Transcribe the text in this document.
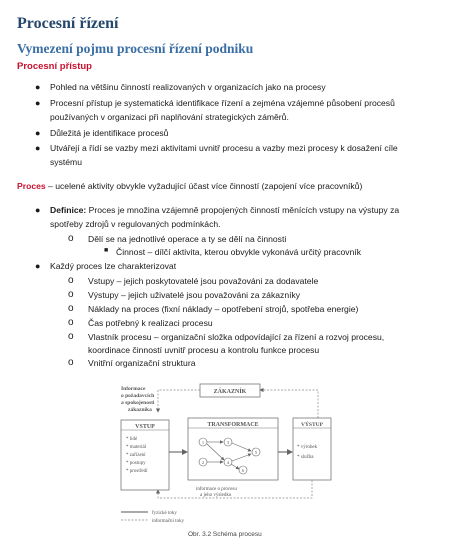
Procesní řízení
Vymezení pojmu procesní řízení podniku
Procesní přístup
● Pohled na většinu činností realizovaných v organizacích jako na procesy
● Procesní přístup je systematická identifikace řízení a zejména vzájemné působení procesů
používaných v organizaci při naplňování strategických záměrů.
● Důležitá je identifikace procesů
● Utvářejí a řídí se vazby mezi aktivitami uvnitř procesu a vazby mezi procesy k dosažení cíle
systému
Proces – ucelené aktivity obvykle vyžadující účast více činností (zapojení více pracovníků)
● Definice: Proces je množina vzájemně propojených činností měnících vstupy na výstupy za
spotřeby zdrojů v regulovaných podmínkách.
o Dělí se na jednotlivé operace a ty se dělí na činnosti
■ Činnost – dílčí aktivita, kterou obvykle vykonává určitý pracovník
● Každý proces lze charakterizovat
o Vstupy – jejich poskytovatelé jsou považováni za dodavatele
o Výstupy – jejich uživatelé jsou považováni za zákazníky
o Náklady na proces (fixní náklady – opotřebení strojů, spotřeba energie)
o Čas potřebný k realizaci procesu
o Vlastník procesu – organizační složka odpovídající za řízení a rozvoj procesu,
koordinace činností uvnitř procesu a kontrolu funkce procesu
o Vnitřní organizační struktura
Informace
o požadavcích
a spokojenosti
zákazníka
ZÁKAZNÍK
VSTUP
* lidé
* materiál
* zařízení
* postupy
* prostředí
TRANSFORMACE
1
2
3
4
5
6
VÝSTUP
* výrobek
* služba
informace o procesu
a jeho výsledku
fyzické toky
informační toky
Obr. 3.2 Schéma procesu
